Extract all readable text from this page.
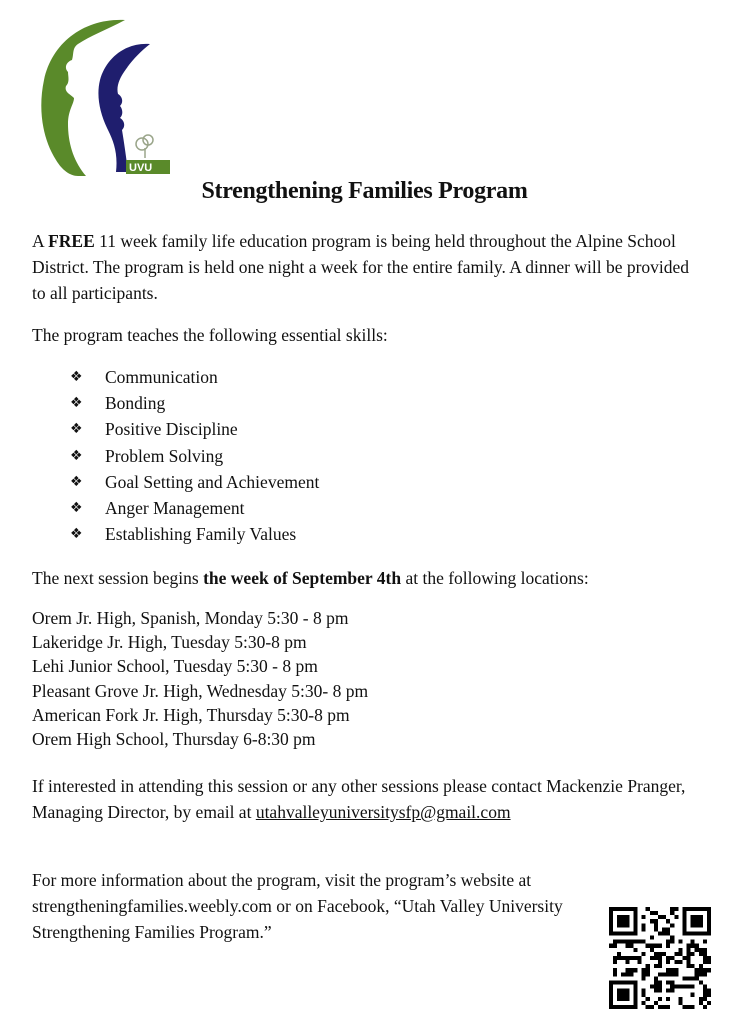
UVU
Strengthening Families Program

A FREE 11 week family life education program is being held throughout the Alpine School District. The program is held one night a week for the entire family. A dinner will be provided to all participants.

The program teaches the following essential skills:

❖	Communication
❖	Bonding
❖	Positive Discipline
❖	Problem Solving
❖	Goal Setting and Achievement
❖	Anger Management
❖	Establishing Family Values

The next session begins the week of September 4th at the following locations:

Orem Jr. High, Spanish, Monday 5:30 - 8 pm
Lakeridge Jr. High, Tuesday 5:30-8 pm
Lehi Junior School, Tuesday 5:30 - 8 pm
Pleasant Grove Jr. High, Wednesday 5:30- 8 pm
American Fork Jr. High, Thursday 5:30-8 pm
Orem High School, Thursday 6-8:30 pm

If interested in attending this session or any other sessions please contact Mackenzie Pranger, Managing Director, by email at utahvalleyuniversitysfp@gmail.com

For more information about the program, visit the program’s website at strengtheningfamilies.weebly.com or on Facebook, “Utah Valley University Strengthening Families Program.”
